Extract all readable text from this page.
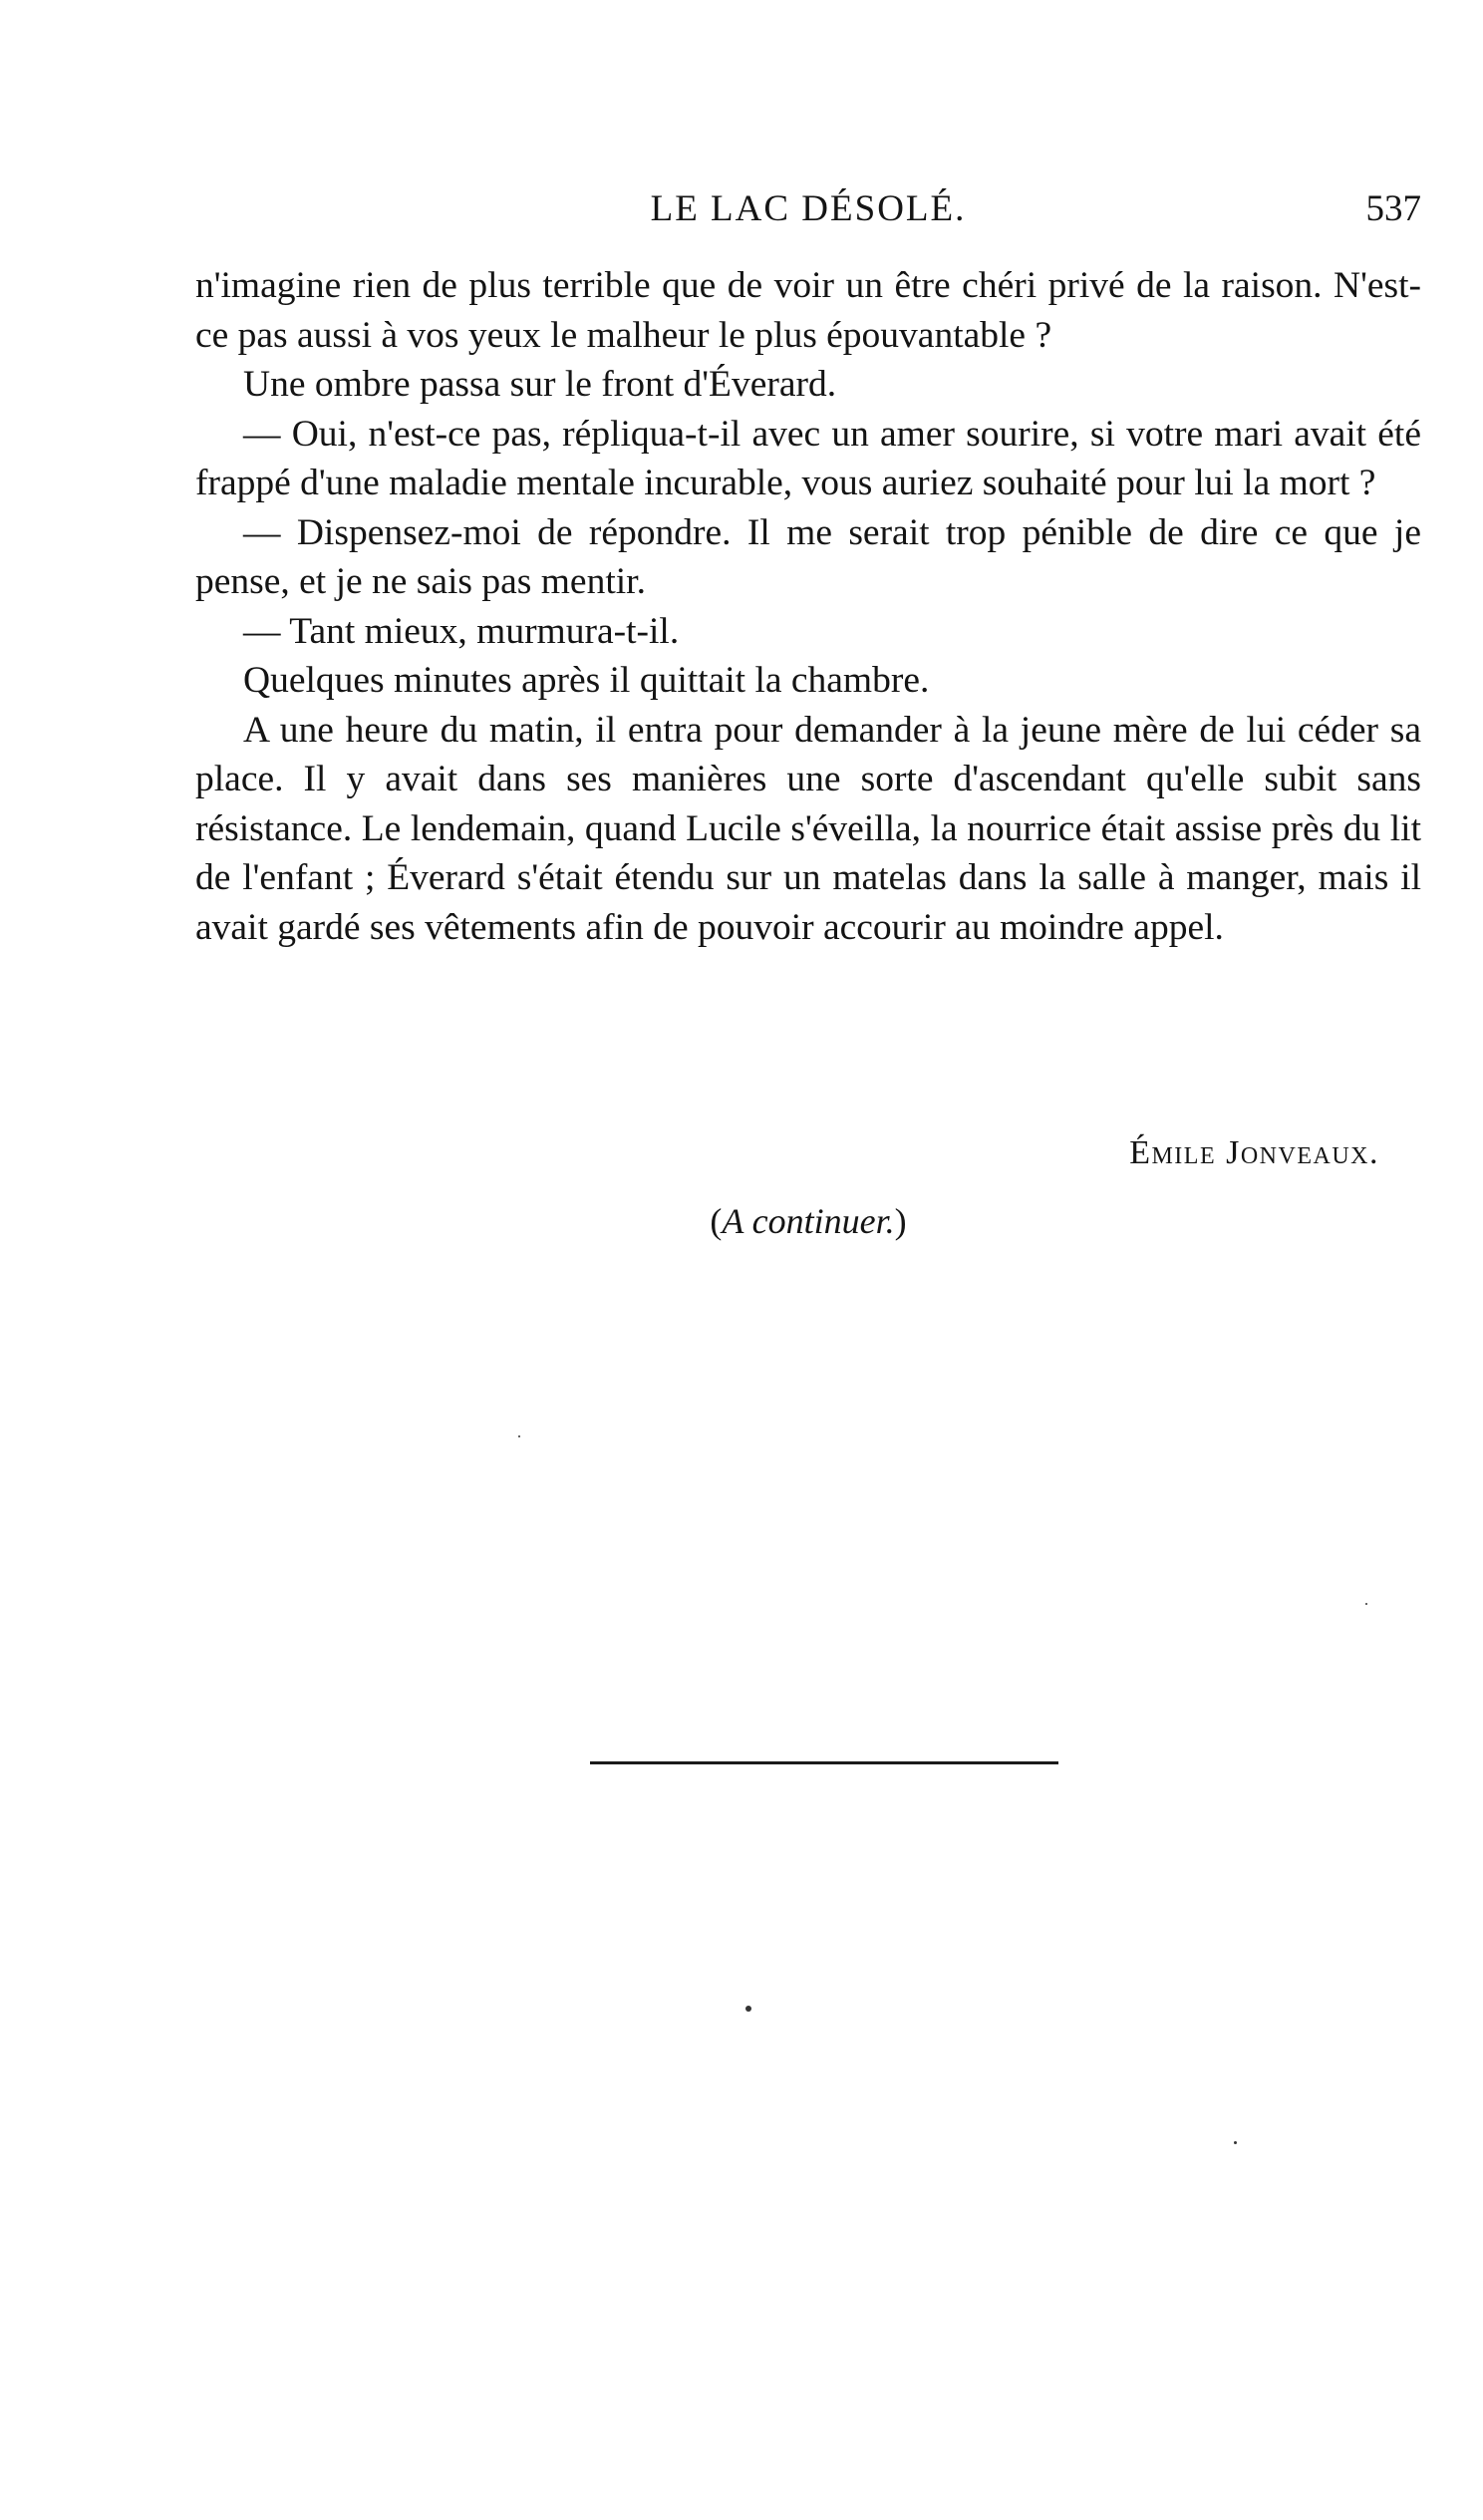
LE LAC DÉSOLÉ.	537

n'imagine rien de plus terrible que de voir un être chéri privé de la raison. N'est-ce pas aussi à vos yeux le malheur le plus épouvantable ?

Une ombre passa sur le front d'Éverard.

— Oui, n'est-ce pas, répliqua-t-il avec un amer sourire, si votre mari avait été frappé d'une maladie mentale incurable, vous auriez souhaité pour lui la mort ?

— Dispensez-moi de répondre. Il me serait trop pénible de dire ce que je pense, et je ne sais pas mentir.

— Tant mieux, murmura-t-il.

Quelques minutes après il quittait la chambre.

A une heure du matin, il entra pour demander à la jeune mère de lui céder sa place. Il y avait dans ses manières une sorte d'ascendant qu'elle subit sans résistance. Le lendemain, quand Lucile s'éveilla, la nourrice était assise près du lit de l'enfant ; Éverard s'était étendu sur un matelas dans la salle à manger, mais il avait gardé ses vêtements afin de pouvoir accourir au moindre appel.

Émile Jonveaux.
(A continuer.)
